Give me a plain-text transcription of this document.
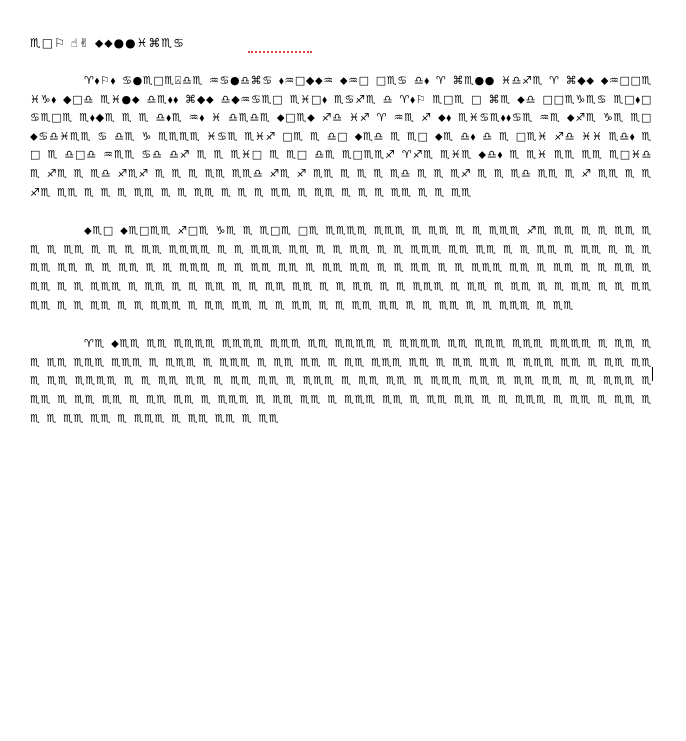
♏□⚐ ☝✌ ⬥⬥●●♓⌘♏♋

♈⬧⚐⬧ ♋●♏□♏⍓♎♏ ♒♋●♎⌘♋ ⬧♒□◆⬥♒ ⬥♒□ □♏♋ ♎⬧ ♈ ⌘♏●● ♓♎♐♏ ♈ ⌘◆⬥ ⬥♒□□♏ ♓♑⬧ ◆□♎ ♏♓●⬥ ♎♏⬧⬧ ⌘◆⬥ ♎◆♒♋♏□ ♏♓□⬧ ♏♋♐♏ ♎ ♈⬧⚐ ♏□♏ □ ⌘♏ ⬥♎ □□♏♑♏♋ ♏□⬧□ ♋♏□♏ ♏⬧◆♏ ♏ ♏ ♎⬧♏ ♒⬧ ♓ ♎♏♎♏ ⬥□♏⬥ ♐♎ ♓♐ ♈ ♒♏ ♐ ⬥⬧ ♏♓♋♏⬧⬧♋♏ ♒♏ ⬥♐♏ ♑♏ ♏□ ⬥♋♎♓♏♏ ♋ ♎♏ ♑ ♏♏♏♏ ♓♋♏ ♏♓♐ □♏ ♏ ♎□ ⬥♏♎ ♏ ♏□ ⬥♏ ♎⬧ ♎ ♏ □♏♓ ♐♎ ♓♓ ♏♎⬧ ♏□ ♏ ♎□♎ ♒♏♏ ♋♎ ♎♐ ♏ ♏ ♏♓□ ♏ ♏□ ♎♏ ♏□♏♏♐ ♈♐♏ ♏♓♏ ⬥♎⬧ ♏ ♏♓ ♏♏ ♏♏ ♏□♓♎ ♏ ♐♏ ♏ ♏♎ ♐♏♐ ♏ ♏ ♏ ♏♏ ♏♏♎ ♐♏ ♐ ♏♏ ♏ ♏ ♏ ♏♎ ♏ ♏ ♏♐ ♏ ♏ ♏♎ ♏♏ ♏ ♐ ♏♏ ♏ ♏ ♐♏ ♏♏ ♏ ♏ ♏ ♏♏ ♏ ♏ ♏♏ ♏ ♏ ♏ ♏♏ ♏ ♏♏ ♏ ♏ ♏ ♏♏ ♏ ♏ ♏♏

⬥♏□ ⬥♏□♏♏ ♐□♏ ♑♏ ♏ ♏□♏ □♏ ♏♏♏♏ ♏♏♏ ♏ ♏♏ ♏ ♏ ♏♏♏ ♐♏ ♏♏ ♏ ♏ ♏♏ ♏♏ ♏ ♏♏ ♏ ♏ ♏ ♏♏ ♏♏♏♏ ♏ ♏ ♏♏♏ ♏♏ ♏ ♏ ♏♏ ♏ ♏ ♏♏♏ ♏♏ ♏♏ ♏ ♏ ♏♏ ♏ ♏♏ ♏ ♏ ♏♏♏ ♏♏ ♏ ♏ ♏♏ ♏ ♏ ♏♏♏ ♏ ♏ ♏♏ ♏♏ ♏ ♏♏ ♏♏ ♏ ♏ ♏♏ ♏ ♏ ♏♏♏ ♏♏ ♏ ♏♏ ♏ ♏ ♏♏ ♏ ♏♏ ♏ ♏ ♏♏♏ ♏ ♏♏ ♏ ♏ ♏♏ ♏ ♏ ♏♏ ♏♏ ♏ ♏ ♏♏ ♏ ♏ ♏♏♏ ♏ ♏♏ ♏ ♏♏ ♏ ♏ ♏♏ ♏ ♏ ♏♏ ♏♏ ♏ ♏ ♏♏ ♏ ♏ ♏♏♏ ♏ ♏♏ ♏♏ ♏ ♏ ♏♏ ♏ ♏ ♏♏ ♏♏ ♏ ♏ ♏♏ ♏ ♏ ♏♏♏ ♏ ♏♏

♈♏ ⬥♏♏ ♏♏ ♏♏♏♏ ♏♏♏♏ ♏♏♏ ♏♏ ♏♏♏♏ ♏ ♏♏♏♏ ♏♏ ♏♏♏ ♏♏♏ ♏♏♏♏ ♏ ♏♏ ♏♏ ♏♏ ♏♏♏ ♏♏♏ ♏ ♏♏♏ ♏ ♏♏♏ ♏ ♏♏ ♏♏ ♏ ♏♏ ♏♏♏ ♏♏ ♏ ♏♏ ♏♏ ♏ ♏♏♏ ♏♏ ♏ ♏♏ ♏♏ ♏ ♏♏ ♏♏♏♏ ♏ ♏ ♏♏ ♏♏ ♏ ♏♏ ♏♏ ♏ ♏♏♏ ♏ ♏♏ ♏♏ ♏ ♏♏♏ ♏♏ ♏ ♏♏ ♏♏ ♏ ♏ ♏♏♏ ♏ ♏♏ ♏ ♏♏ ♏♏ ♏ ♏♏ ♏♏ ♏ ♏♏♏ ♏ ♏♏ ♏♏ ♏ ♏♏♏ ♏♏ ♏ ♏♏ ♏♏ ♏ ♏ ♏♏♏ ♏ ♏♏ ♏ ♏♏ ♏♏ ♏ ♏♏ ♏♏ ♏ ♏♏♏ ♏ ♏♏ ♏♏ ♏ ♏♏
